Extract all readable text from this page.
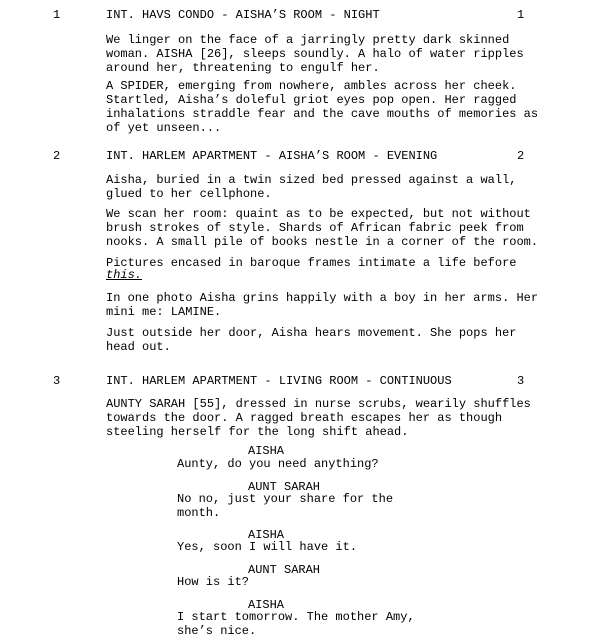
1	INT. HAVS CONDO - AISHA’S ROOM - NIGHT	1
We linger on the face of a jarringly pretty dark skinned
woman. AISHA [26], sleeps soundly. A halo of water ripples
around her, threatening to engulf her.
A SPIDER, emerging from nowhere, ambles across her cheek.
Startled, Aisha’s doleful griot eyes pop open. Her ragged
inhalations straddle fear and the cave mouths of memories as
of yet unseen...
2	INT. HARLEM APARTMENT - AISHA’S ROOM - EVENING	2
Aisha, buried in a twin sized bed pressed against a wall,
glued to her cellphone.
We scan her room: quaint as to be expected, but not without
brush strokes of style. Shards of African fabric peek from
nooks. A small pile of books nestle in a corner of the room.
Pictures encased in baroque frames intimate a life before
this.
In one photo Aisha grins happily with a boy in her arms. Her
mini me: LAMINE.
Just outside her door, Aisha hears movement. She pops her
head out.
3	INT. HARLEM APARTMENT - LIVING ROOM - CONTINUOUS	3
AUNTY SARAH [55], dressed in nurse scrubs, wearily shuffles
towards the door. A ragged breath escapes her as though
steeling herself for the long shift ahead.
AISHA
Aunty, do you need anything?
AUNT SARAH
No no, just your share for the
month.
AISHA
Yes, soon I will have it.
AUNT SARAH
How is it?
AISHA
I start tomorrow. The mother Amy,
she’s nice.
